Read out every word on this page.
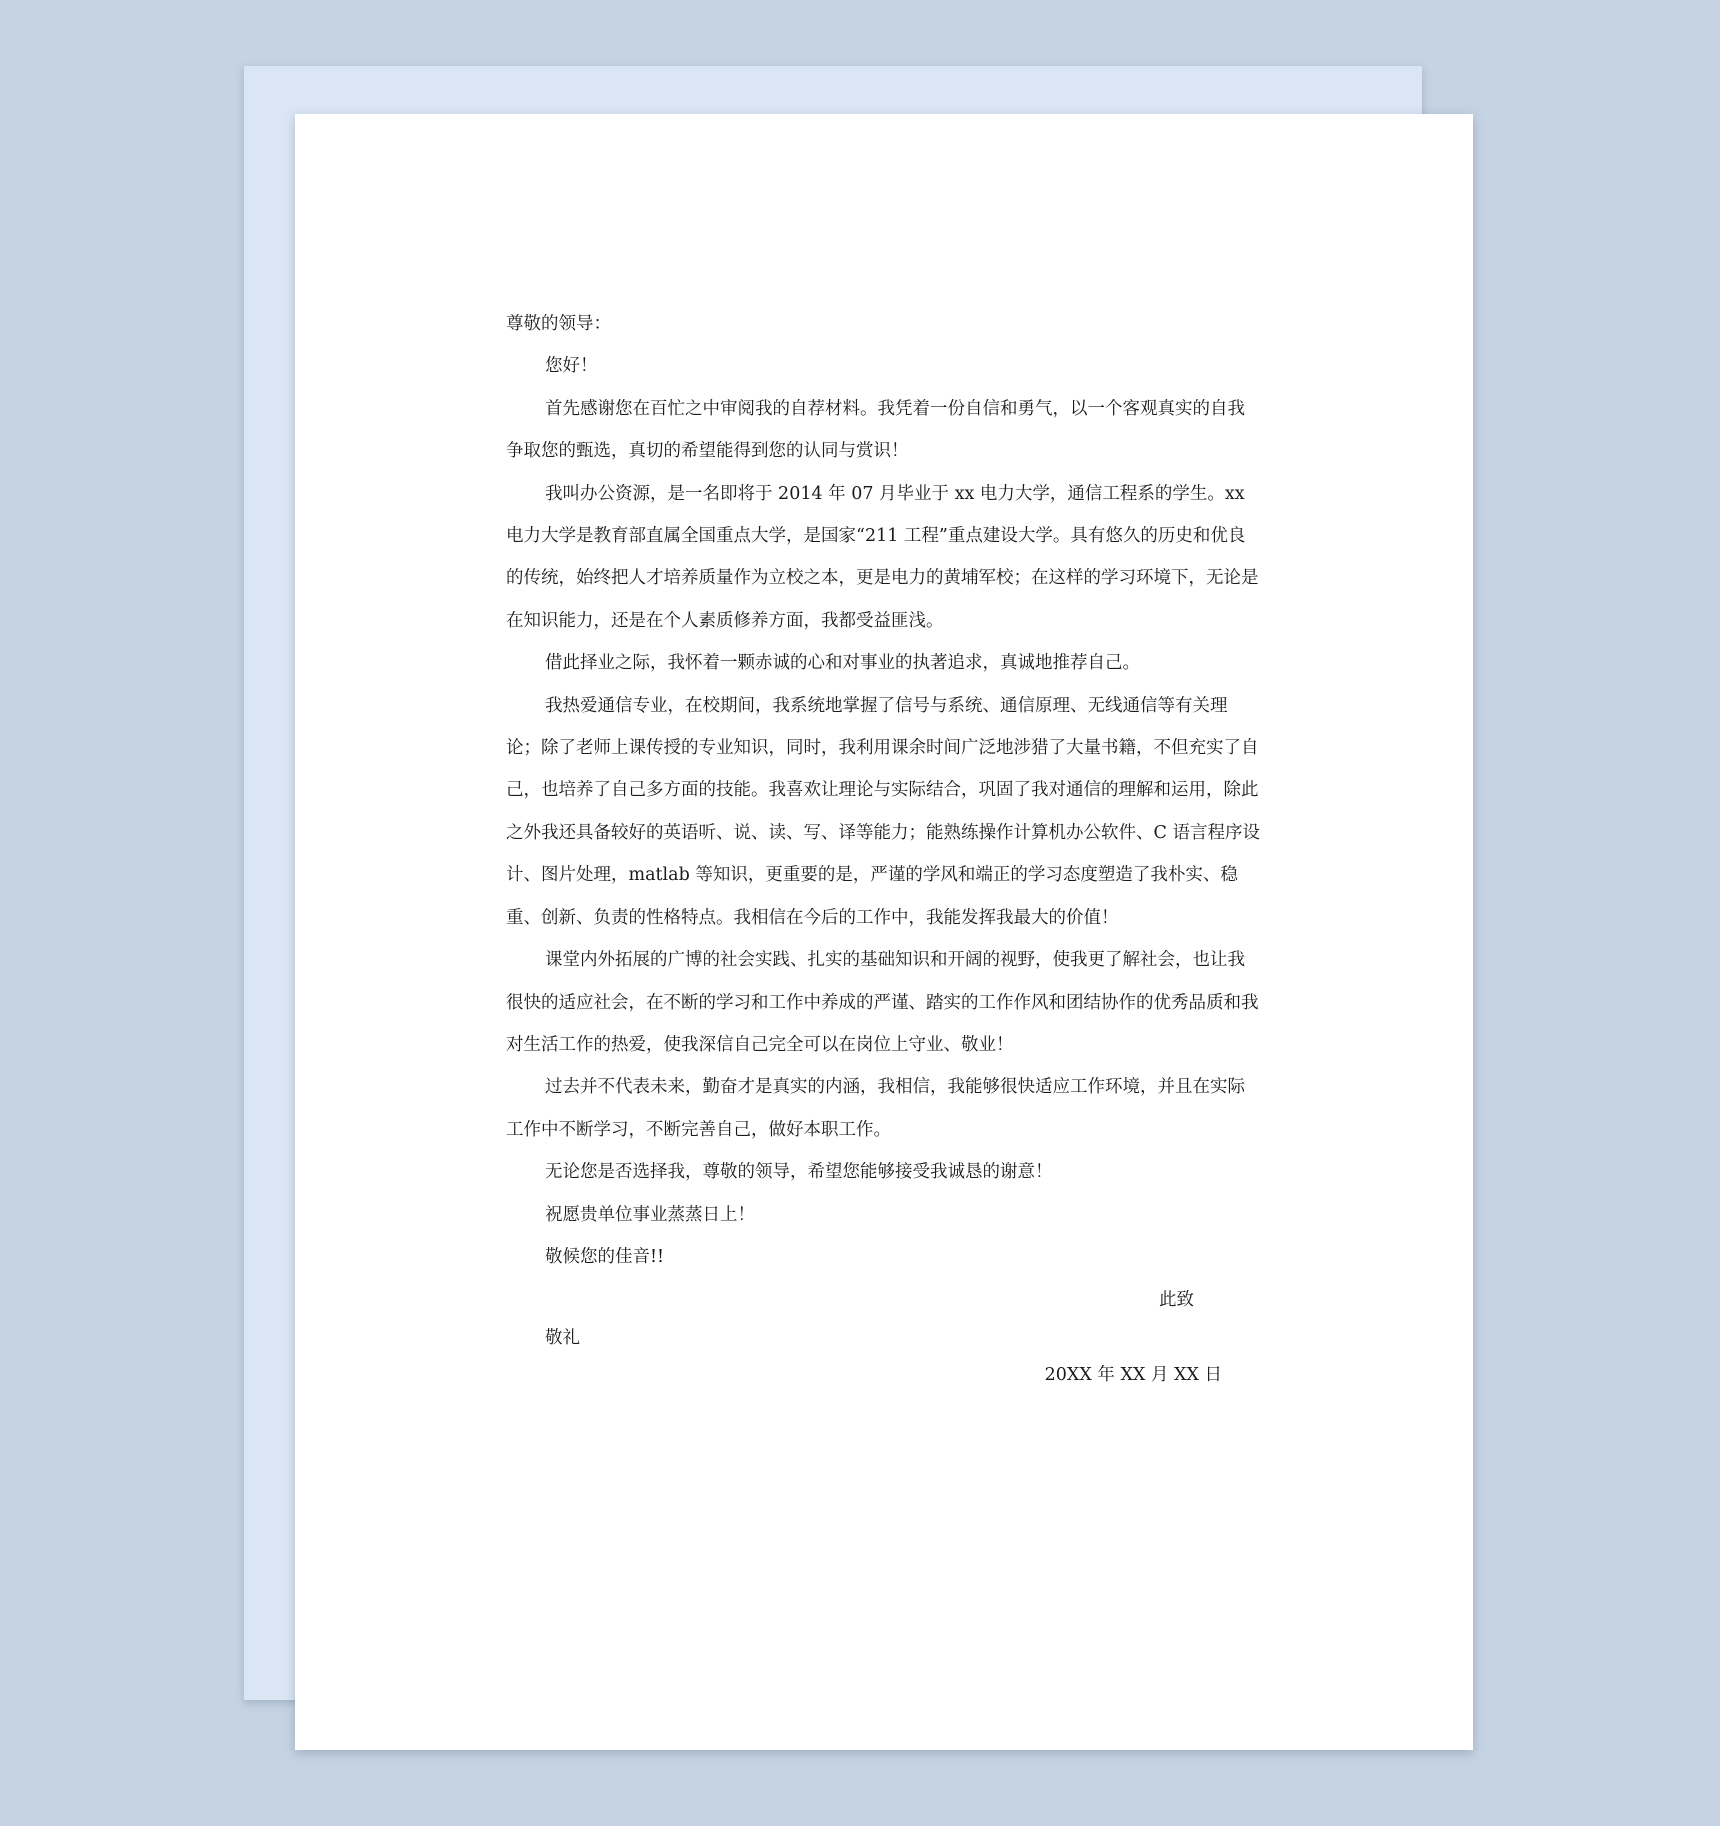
尊敬的领导：

您好！

首先感谢您在百忙之中审阅我的自荐材料。我凭着一份自信和勇气，以一个客观真实的自我争取您的甄选，真切的希望能得到您的认同与赏识！

我叫办公资源，是一名即将于 2014 年 07 月毕业于 xx 电力大学，通信工程系的学生。xx 电力大学是教育部直属全国重点大学，是国家“211 工程”重点建设大学。具有悠久的历史和优良的传统，始终把人才培养质量作为立校之本，更是电力的黄埔军校；在这样的学习环境下，无论是在知识能力，还是在个人素质修养方面，我都受益匪浅。

借此择业之际，我怀着一颗赤诚的心和对事业的执著追求，真诚地推荐自己。

我热爱通信专业，在校期间，我系统地掌握了信号与系统、通信原理、无线通信等有关理论；除了老师上课传授的专业知识，同时，我利用课余时间广泛地涉猎了大量书籍，不但充实了自己，也培养了自己多方面的技能。我喜欢让理论与实际结合，巩固了我对通信的理解和运用，除此之外我还具备较好的英语听、说、读、写、译等能力；能熟练操作计算机办公软件、C 语言程序设计、图片处理，matlab 等知识，更重要的是，严谨的学风和端正的学习态度塑造了我朴实、稳重、创新、负责的性格特点。我相信在今后的工作中，我能发挥我最大的价值！

课堂内外拓展的广博的社会实践、扎实的基础知识和开阔的视野，使我更了解社会，也让我很快的适应社会，在不断的学习和工作中养成的严谨、踏实的工作作风和团结协作的优秀品质和我对生活工作的热爱，使我深信自己完全可以在岗位上守业、敬业！

过去并不代表未来，勤奋才是真实的内涵，我相信，我能够很快适应工作环境，并且在实际工作中不断学习，不断完善自己，做好本职工作。

无论您是否选择我，尊敬的领导，希望您能够接受我诚恳的谢意！

祝愿贵单位事业蒸蒸日上！

敬候您的佳音!!

此致

敬礼

20XX 年 XX 月 XX 日
